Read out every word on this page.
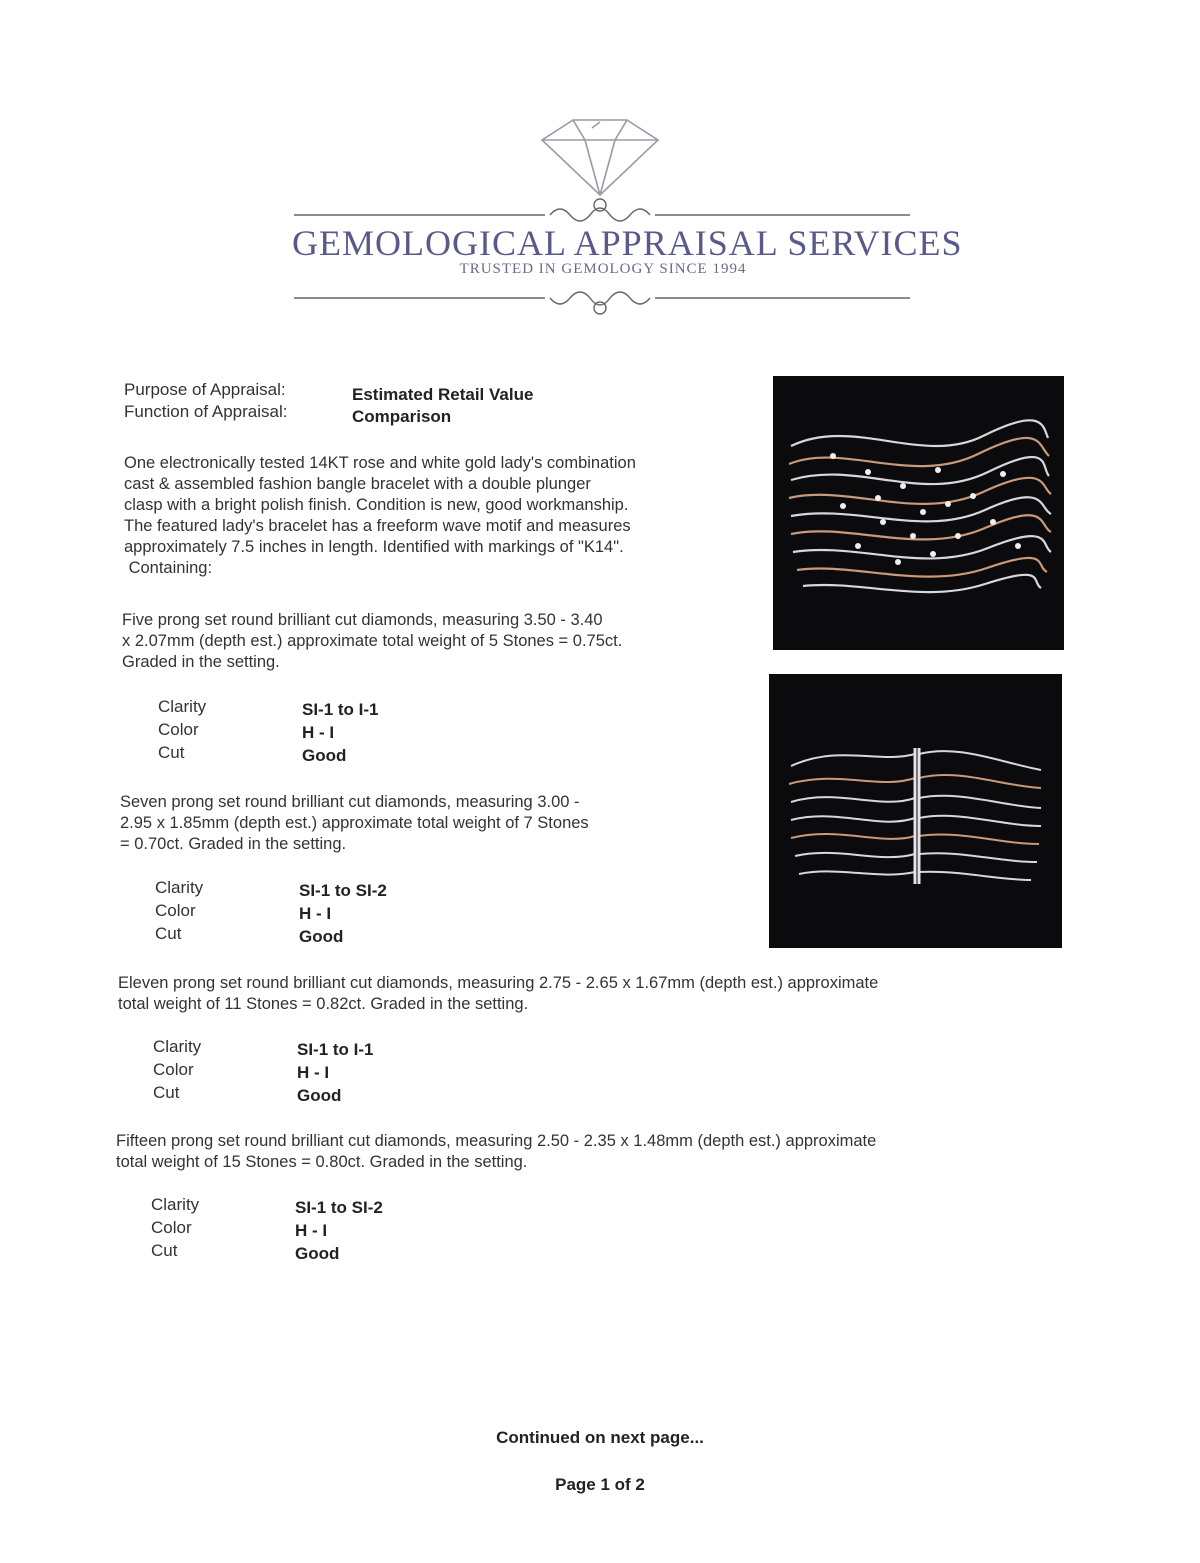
GEMOLOGICAL APPRAISAL SERVICES
TRUSTED IN GEMOLOGY SINCE 1994
Purpose of Appraisal:	Estimated Retail Value
Function of Appraisal:	Comparison
One electronically tested 14KT rose and white gold lady's combination
cast & assembled fashion bangle bracelet with a double plunger
clasp with a bright polish finish. Condition is new, good workmanship.
The featured lady's bracelet has a freeform wave motif and measures
approximately 7.5 inches in length. Identified with markings of "K14".
Containing:
Five prong set round brilliant cut diamonds, measuring 3.50 - 3.40
x 2.07mm (depth est.) approximate total weight of 5 Stones = 0.75ct.
Graded in the setting.
Clarity
Color
Cut
SI-1 to I-1
H - I
Good
Seven prong set round brilliant cut diamonds, measuring 3.00 -
2.95 x 1.85mm (depth est.) approximate total weight of 7 Stones
= 0.70ct. Graded in the setting.
Clarity
Color
Cut
SI-1 to SI-2
H - I
Good
Eleven prong set round brilliant cut diamonds, measuring 2.75 - 2.65 x 1.67mm (depth est.) approximate
total weight of 11 Stones = 0.82ct. Graded in the setting.
Clarity
Color
Cut
SI-1 to I-1
H - I
Good
Fifteen prong set round brilliant cut diamonds, measuring 2.50 - 2.35 x 1.48mm (depth est.) approximate
total weight of 15 Stones = 0.80ct. Graded in the setting.
Clarity
Color
Cut
SI-1 to SI-2
H - I
Good
Continued on next page...
Page 1 of 2
